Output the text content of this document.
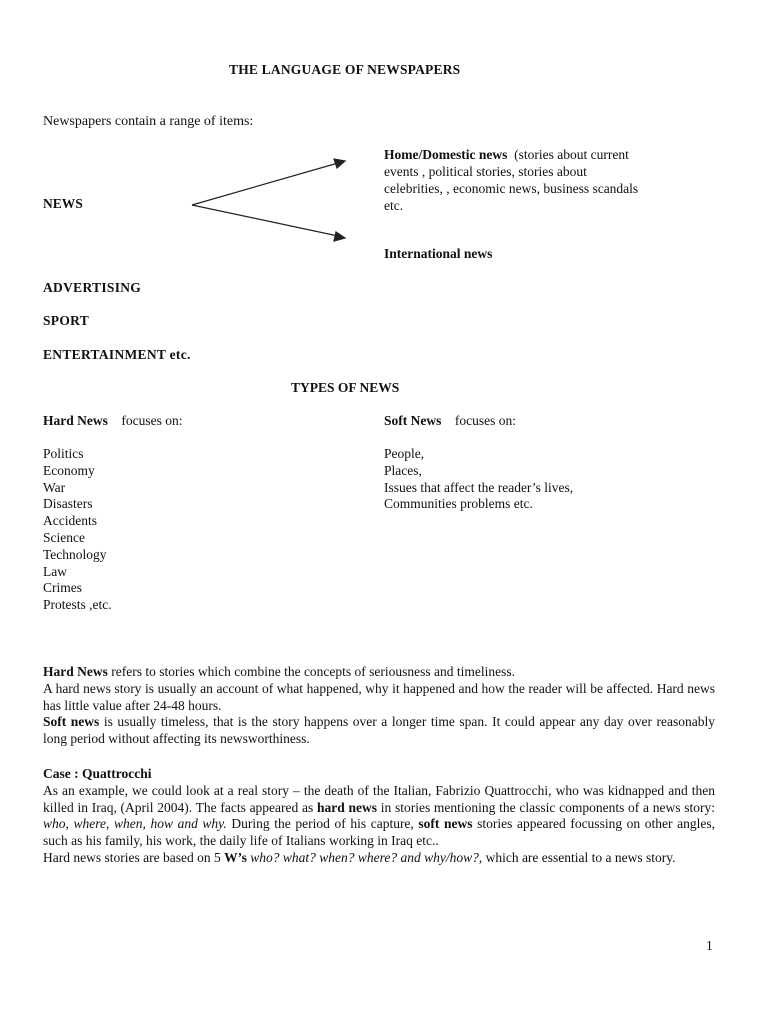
THE LANGUAGE OF NEWSPAPERS
Newspapers contain a range of items:
NEWS
Home/Domestic news (stories about current
events , political stories, stories about
celebrities, , economic news, business scandals
etc.
International news
ADVERTISING
SPORT
ENTERTAINMENT etc.
TYPES OF NEWS
Hard News focuses on:	Soft News focuses on:
Politics
Economy
War
Disasters
Accidents
Science
Technology
Law
Crimes
Protests ,etc.
People,
Places,
Issues that affect the reader’s lives,
Communities problems etc.

Hard News refers to stories which combine the concepts of seriousness and timeliness.

A hard news story is usually an account of what happened, why it happened and how the reader will be affected. Hard news has little value after 24-48 hours.

Soft news is usually timeless, that is the story happens over a longer time span. It could appear any day over reasonably long period without affecting its newsworthiness.

Case : Quattrocchi

As an example, we could look at a real story – the death of the Italian, Fabrizio Quattrocchi, who was kidnapped and then killed in Iraq, (April 2004). The facts appeared as hard news in stories mentioning the classic components of a news story: who, where, when, how and why. During the period of his capture, soft news stories appeared focussing on other angles, such as his family, his work, the daily life of Italians working in Iraq etc..

Hard news stories are based on 5 W’s who? what? when? where? and why/how?, which are essential to a news story.

1
